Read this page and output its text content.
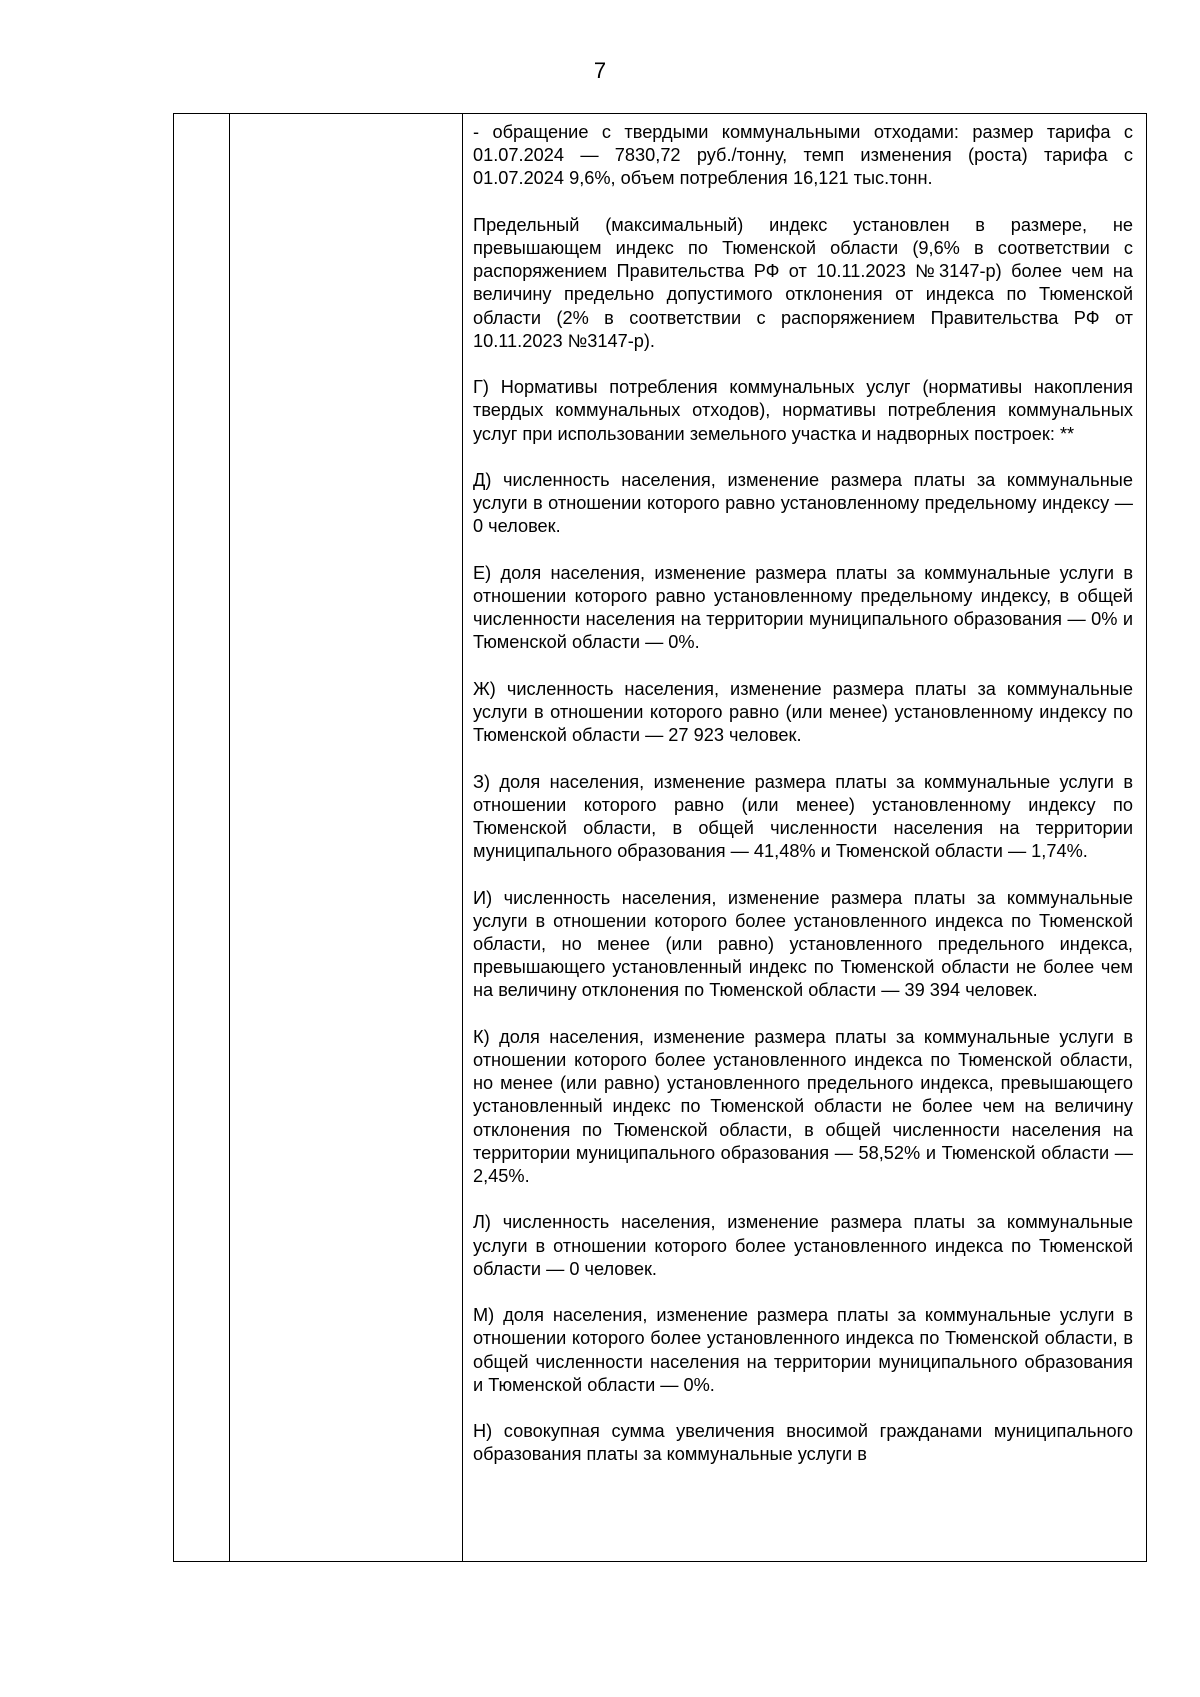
7

- обращение с твердыми коммунальными отходами: размер тарифа с 01.07.2024 — 7830,72 руб./тонну, темп изменения (роста) тарифа с 01.07.2024 9,6%, объем потребления 16,121 тыс.тонн.

Предельный (максимальный) индекс установлен в размере, не превышающем индекс по Тюменской области (9,6% в соответствии с распоряжением Правительства РФ от 10.11.2023 №3147-р) более чем на величину предельно допустимого отклонения от индекса по Тюменской области (2% в соответствии с распоряжением Правительства РФ от 10.11.2023 №3147-р).

Г) Нормативы потребления коммунальных услуг (нормативы накопления твердых коммунальных отходов), нормативы потребления коммунальных услуг при использовании земельного участка и надворных построек: **

Д) численность населения, изменение размера платы за коммунальные услуги в отношении которого равно установленному предельному индексу — 0 человек.

Е) доля населения, изменение размера платы за коммунальные услуги в отношении которого равно установленному предельному индексу, в общей численности населения на территории муниципального образования — 0% и Тюменской области — 0%.

Ж) численность населения, изменение размера платы за коммунальные услуги в отношении которого равно (или менее) установленному индексу по Тюменской области — 27 923 человек.

З) доля населения, изменение размера платы за коммунальные услуги в отношении которого равно (или менее) установленному индексу по Тюменской области, в общей численности населения на территории муниципального образования — 41,48% и Тюменской области — 1,74%.

И) численность населения, изменение размера платы за коммунальные услуги в отношении которого более установленного индекса по Тюменской области, но менее (или равно) установленного предельного индекса, превышающего установленный индекс по Тюменской области не более чем на величину отклонения по Тюменской области — 39 394 человек.

К) доля населения, изменение размера платы за коммунальные услуги в отношении которого более установленного индекса по Тюменской области, но менее (или равно) установленного предельного индекса, превышающего установленный индекс по Тюменской области не более чем на величину отклонения по Тюменской области, в общей численности населения на территории муниципального образования — 58,52% и Тюменской области — 2,45%.

Л) численность населения, изменение размера платы за коммунальные услуги в отношении которого более установленного индекса по Тюменской области — 0 человек.

М) доля населения, изменение размера платы за коммунальные услуги в отношении которого более установленного индекса по Тюменской области, в общей численности населения на территории муниципального образования и Тюменской области — 0%.

Н) совокупная сумма увеличения вносимой гражданами муниципального образования платы за коммунальные услуги в
